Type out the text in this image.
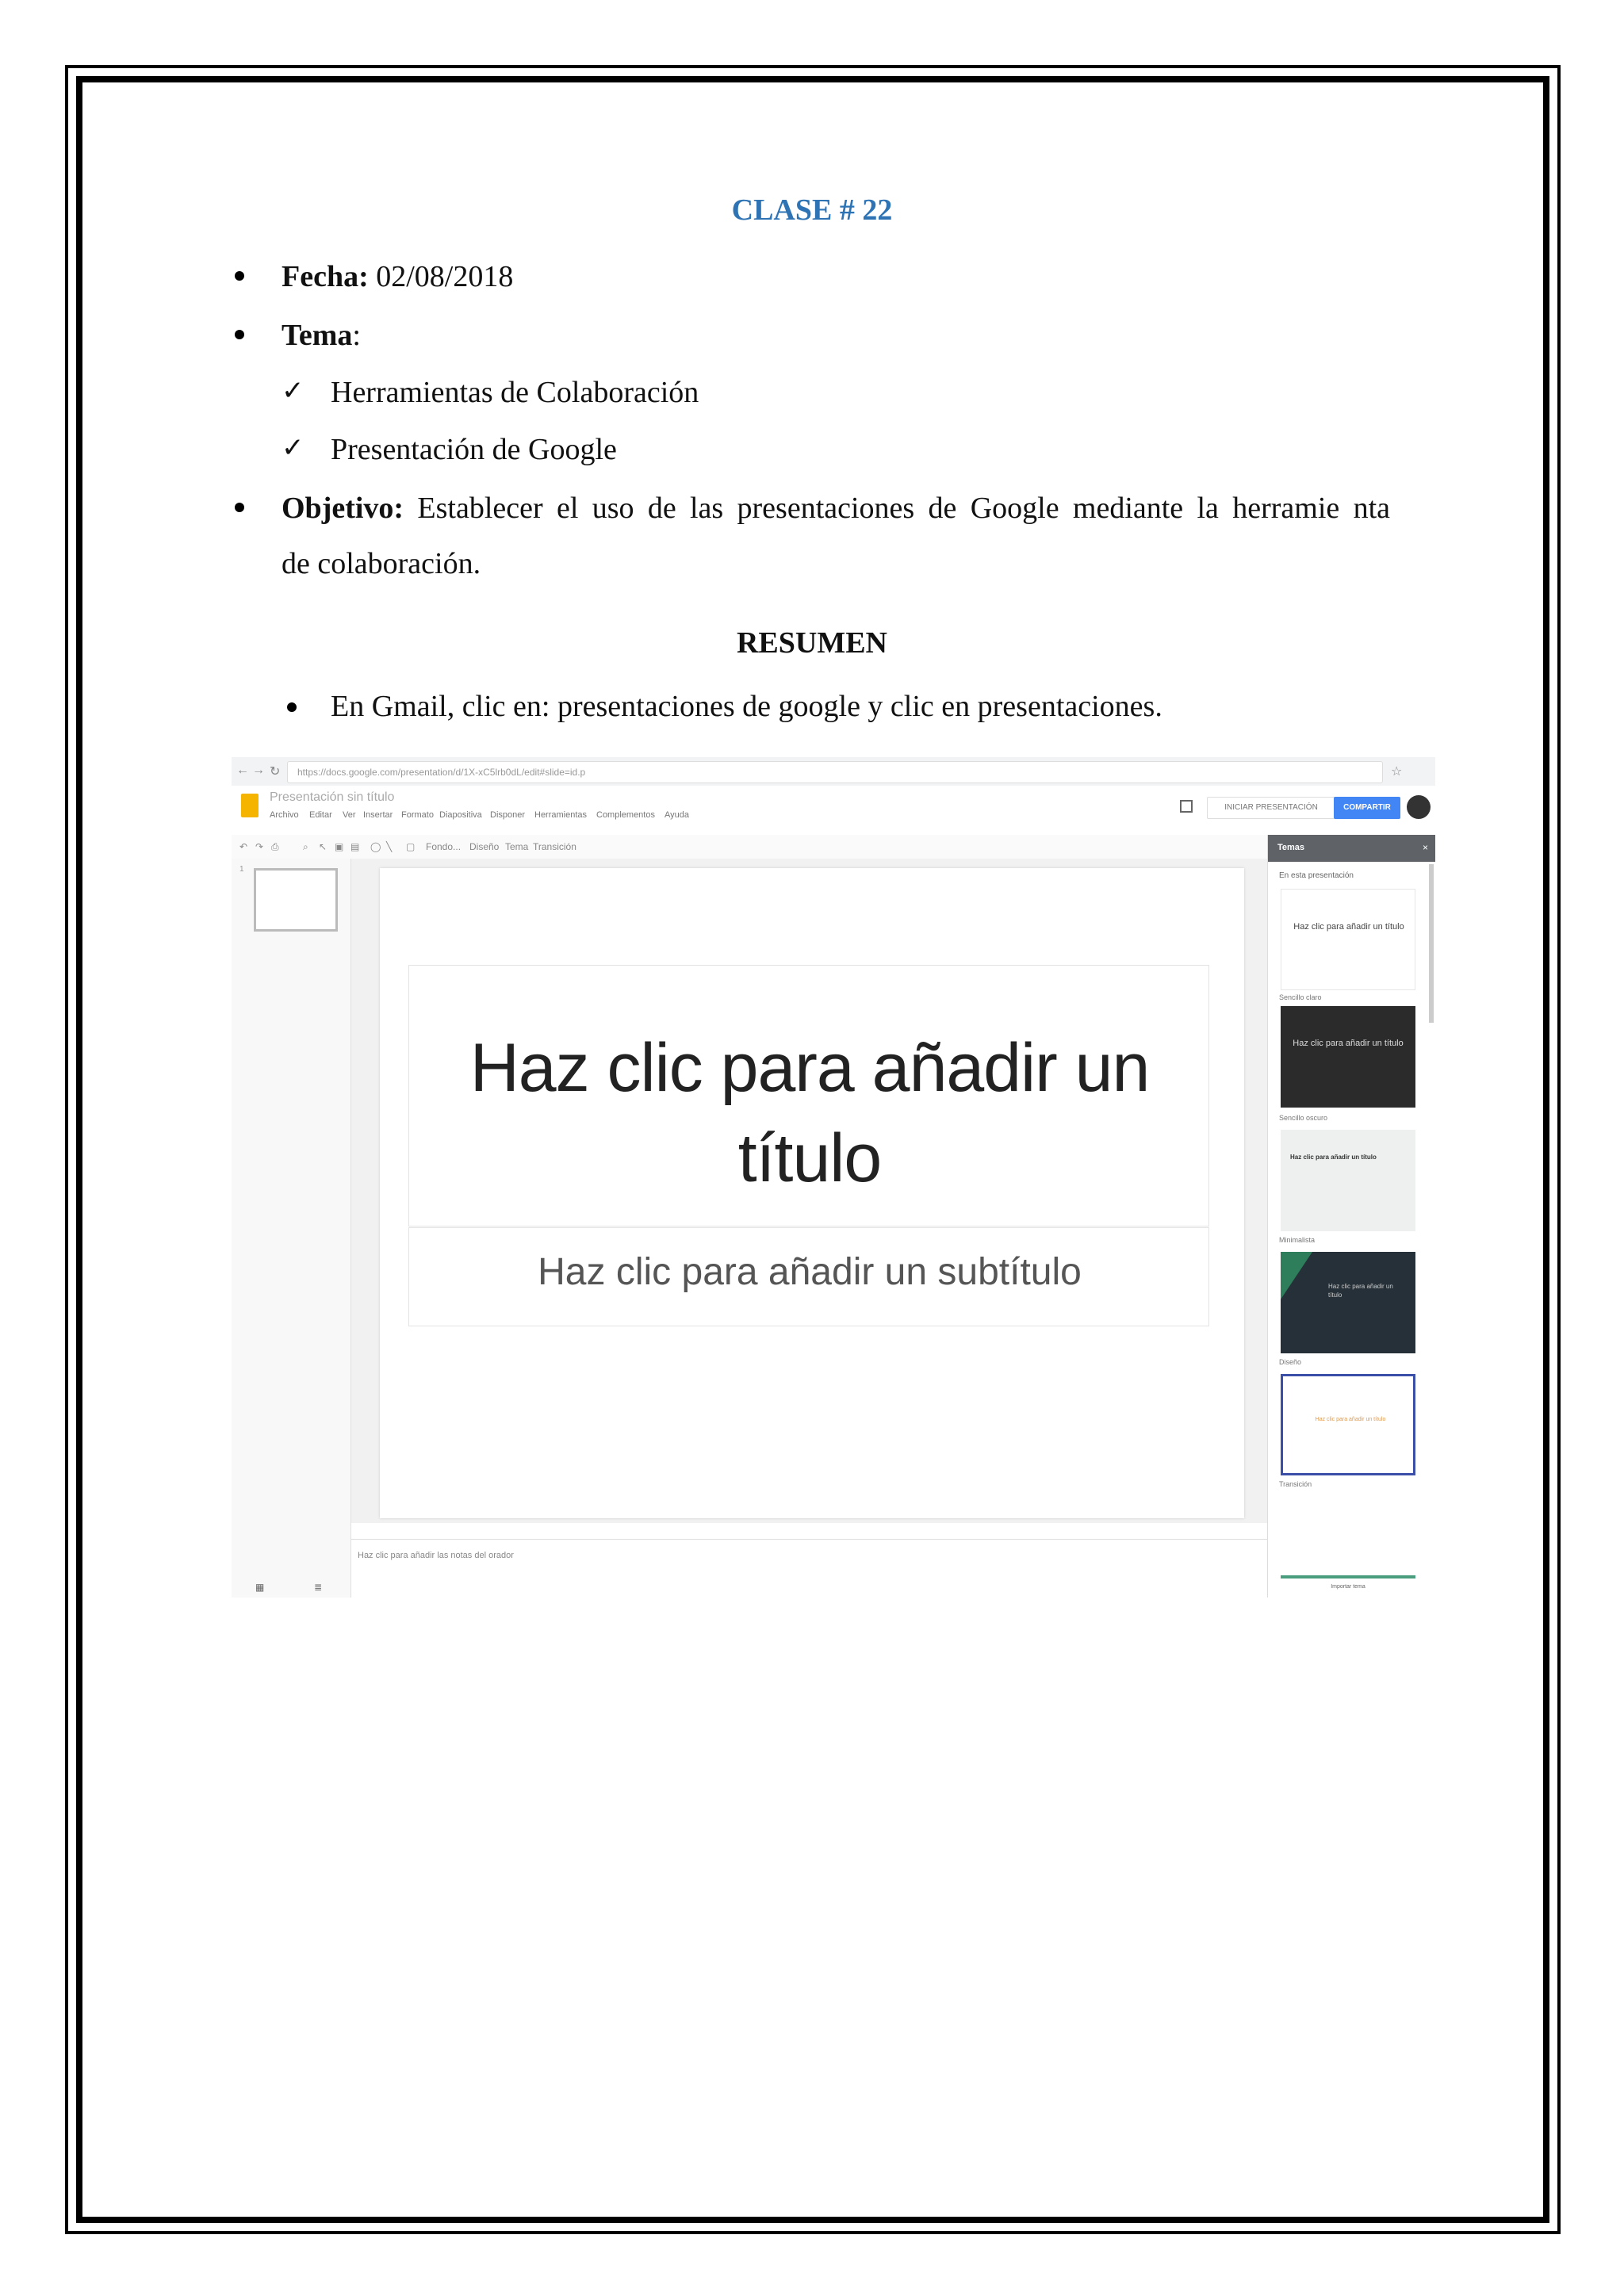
CLASE # 22
Fecha: 02/08/2018
Tema:
✓ Herramientas de Colaboración
✓ Presentación de Google
Objetivo: Establecer el uso de las presentaciones de Google mediante la herramie nta
de colaboración.
RESUMEN
En Gmail, clic en: presentaciones de google y clic en presentaciones.
← → ↻ https://docs.google.com/presentation/d/1X-xC5lrb0dL/edit#slide=id.p	☆
Presentación sin título
Archivo Editar Ver Insertar Formato Diapositiva Disponer Herramientas Complementos Ayuda
INICIAR PRESENTACIÓN	COMPARTIR
↶ ↷ ⎙	⌕ ↖ ▣ ▤ ◯ ╲ ▢ Fondo... Diseño Tema Transición
1
▦	≣
Haz clic para añadir un título
Haz clic para añadir un subtítulo
Haz clic para añadir las notas del orador
Temas	×
En esta presentación
Haz clic para añadir un título
Sencillo claro
Haz clic para añadir un título
Sencillo oscuro
Haz clic para añadir un título
Minimalista
Haz clic para añadir un título
Diseño
Haz clic para añadir un título
Transición
Importar tema
